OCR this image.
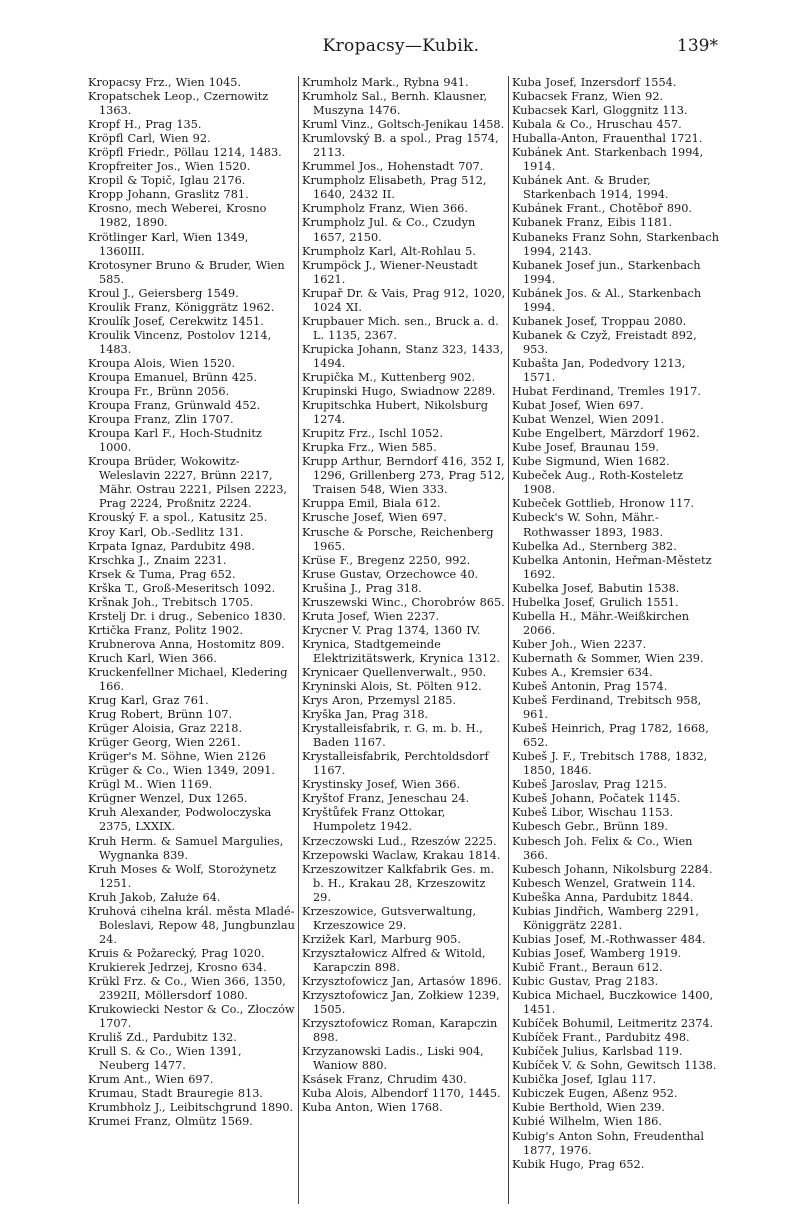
Kropacsy—Kubik.	139*
Kropacsy Frz., Wien 1045.
Kropatschek Leop., Czernowitz 1363.
Kropf H., Prag 135.
Kröpfl Carl, Wien 92.
Kröpfl Friedr., Pöllau 1214, 1483.
Kropfreiter Jos., Wien 1520.
Kropil & Topič, Iglau 2176.
Kropp Johann, Graslitz 781.
Krosno, mech Weberei, Krosno 1982, 1890.
Krötlinger Karl, Wien 1349, 1360III.
Krotosyner Bruno & Bruder, Wien 585.
Kroul J., Geiersberg 1549.
Kroulik Franz, Königgrätz 1962.
Kroulík Josef, Cerekwitz 1451.
Kroulik Vincenz, Postolov 1214, 1483.
Kroupa Alois, Wien 1520.
Kroupa Emanuel, Brünn 425.
Kroupa Fr., Brünn 2056.
Kroupa Franz, Grünwald 452.
Kroupa Franz, Zlin 1707.
Kroupa Karl F., Hoch-Studnitz 1000.
Kroupa Brüder, Wokowitz-Weleslavin 2227, Brünn 2217, Mähr. Ostrau 2221, Pilsen 2223, Prag 2224, Proßnitz 2224.
Krouský F. a spol., Katusitz 25.
Kroy Karl, Ob.-Sedlitz 131.
Krpata Ignaz, Pardubitz 498.
Krschka J., Znaim 2231.
Krsek & Tuma, Prag 652.
Krška T., Groß-Meseritsch 1092.
Kršnak Joh., Trebitsch 1705.
Krstelj Dr. i drug., Sebenico 1830.
Krtička Franz, Politz 1902.
Krubnerova Anna, Hostomitz 809.
Kruch Karl, Wien 366.
Kruckenfellner Michael, Kledering 166.
Krug Karl, Graz 761.
Krug Robert, Brünn 107.
Krüger Aloisia, Graz 2218.
Krüger Georg, Wien 2261.
Krüger's M. Söhne, Wien 2126
Krüger & Co., Wien 1349, 2091.
Krügl M.. Wien 1169.
Krügner Wenzel, Dux 1265.
Kruh Alexander, Podwoloczyska 2375, LXXIX.
Kruh Herm. & Samuel Margulies, Wygnanka 839.
Kruh Moses & Wolf, Storożynetz 1251.
Kruh Jakob, Załuże 64.
Kruhová cihelna král. města Mladé-Boleslavi, Repow 48, Jungbunzlau 24.
Kruis & Požarecký, Prag 1020.
Krukierek Jedrzej, Krosno 634.
Krükl Frz. & Co., Wien 366, 1350, 2392II, Möllersdorf 1080.
Krukowiecki Nestor & Co., Złoczów 1707.
Kruliš Zd., Pardubitz 132.
Krull S. & Co., Wien 1391, Neuberg 1477.
Krum Ant., Wien 697.
Krumau, Stadt Brauregie 813.
Krumbholz J., Leibitschgrund 1890.
Krumei Franz, Olmütz 1569.
Krumholz Mark., Rybna 941.
Krumholz Sal., Bernh. Klausner, Muszyna 1476.
Kruml Vinz., Goltsch-Jenikau 1458.
Krumlovský B. a spol., Prag 1574, 2113.
Krummel Jos., Hohenstadt 707.
Krumpholz Elisabeth, Prag 512, 1640, 2432 II.
Krumpholz Franz, Wien 366.
Krumpholz Jul. & Co., Czudyn 1657, 2150.
Krumpholz Karl, Alt-Rohlau 5.
Krumpöck J., Wiener-Neustadt 1621.
Krupař Dr. & Vais, Prag 912, 1020, 1024 XI.
Krupbauer Mich. sen., Bruck a. d. L. 1135, 2367.
Krupicka Johann, Stanz 323, 1433, 1494.
Krupička M., Kuttenberg 902.
Krupinski Hugo, Swiadnow 2289.
Krupitschka Hubert, Nikolsburg 1274.
Krupitz Frz., Ischl 1052.
Krupka Frz., Wien 585.
Krupp Arthur, Berndorf 416, 352 I, 1296, Grillenberg 273, Prag 512, Traisen 548, Wien 333.
Kruppa Emil, Biala 612.
Krusche Josef, Wien 697.
Krusche & Porsche, Reichenberg 1965.
Krüse F., Bregenz 2250, 992.
Kruse Gustav, Orzechowce 40.
Krušina J., Prag 318.
Kruszewski Winc., Chorobrów 865.
Kruta Josef, Wien 2237.
Krycner V. Prag 1374, 1360 IV.
Krynica, Stadtgemeinde Elektrizitätswerk, Krynica 1312.
Krynicaer Quellenverwalt., 950.
Kryninski Alois, St. Pölten 912.
Krys Aron, Przemysl 2185.
Kryška Jan, Prag 318.
Krystalleisfabrik, r. G. m. b. H., Baden 1167.
Krystalleisfabrik, Perchtoldsdorf 1167.
Krystinsky Josef, Wien 366.
Kryštof Franz, Jeneschau 24.
Kryštůfek Franz Ottokar, Humpoletz 1942.
Krzeczowski Lud., Rzeszów 2225.
Krzepowski Waclaw, Krakau 1814.
Krzeszowitzer Kalkfabrik Ges. m. b. H., Krakau 28, Krzeszowitz 29.
Krzeszowice, Gutsverwaltung, Krzeszowice 29.
Krzižek Karl, Marburg 905.
Krzyształowicz Alfred & Witold, Karapczin 898.
Krzysztofowicz Jan, Artasów 1896.
Krzysztofowicz Jan, Zołkiew 1239, 1505.
Krzysztofowicz Roman, Karapczin 898.
Krzyzanowski Ladis., Liski 904, Waniow 880.
Ksásek Franz, Chrudim 430.
Kuba Alois, Albendorf 1170, 1445.
Kuba Anton, Wien 1768.
Kuba Josef, Inzersdorf 1554.
Kubacsek Franz, Wien 92.
Kubacsek Karl, Gloggnitz 113.
Kubala & Co., Hruschau 457.
Huballa-Anton, Frauenthal 1721.
Kubánek Ant. Starkenbach 1994, 1914.
Kubánek Ant. & Bruder, Starkenbach 1914, 1994.
Kubánek Frant., Chotěboř 890.
Kubanek Franz, Eibis 1181.
Kubaneks Franz Sohn, Starkenbach 1994, 2143.
Kubanek Josef jun., Starkenbach 1994.
Kubánek Jos. & Al., Starkenbach 1994.
Kubanek Josef, Troppau 2080.
Kubanek & Czyž, Freistadt 892, 953.
Kubašta Jan, Podedvory 1213, 1571.
Hubat Ferdinand, Tremles 1917.
Kubat Josef, Wien 697.
Kubat Wenzel, Wien 2091.
Kube Engelbert, Märzdorf 1962.
Kube Josef, Braunau 159.
Kube Sigmund, Wien 1682.
Kubeček Aug., Roth-Kosteletz 1908.
Kubeček Gottlieb, Hronow 117.
Kubeck's W. Sohn, Mähr.-Rothwasser 1893, 1983.
Kubelka Ad., Sternberg 382.
Kubelka Antonin, Heřman-Městetz 1692.
Kubelka Josef, Babutin 1538.
Hubelka Josef, Grulich 1551.
Kubella H., Mähr.-Weißkirchen 2066.
Kuber Joh., Wien 2237.
Kubernath & Sommer, Wien 239.
Kubes A., Kremsier 634.
Kubeš Antonin, Prag 1574.
Kubeš Ferdinand, Trebitsch 958, 961.
Kubeš Heinrich, Prag 1782, 1668, 652.
Kubeš J. F., Trebitsch 1788, 1832, 1850, 1846.
Kubeš Jaroslav, Prag 1215.
Kubeš Johann, Počatek 1145.
Kubeš Libor, Wischau 1153.
Kubesch Gebr., Brünn 189.
Kubesch Joh. Felix & Co., Wien 366.
Kubesch Johann, Nikolsburg 2284.
Kubesch Wenzel, Gratwein 114.
Kubeška Anna, Pardubitz 1844.
Kubias Jindřich, Wamberg 2291, Königgrätz 2281.
Kubias Josef, M.-Rothwasser 484.
Kubias Josef, Wamberg 1919.
Kubič Frant., Beraun 612.
Kubic Gustav, Prag 2183.
Kubica Michael, Buczkowice 1400, 1451.
Kubíček Bohumil, Leitmeritz 2374.
Kubíček Frant., Pardubitz 498.
Kubíček Julius, Karlsbad 119.
Kubíček V. & Sohn, Gewitsch 1138.
Kubička Josef, Iglau 117.
Kubiczek Eugen, Aßenz 952.
Kubie Berthold, Wien 239.
Kubié Wilhelm, Wien 186.
Kubig's Anton Sohn, Freudenthal 1877, 1976.
Kubik Hugo, Prag 652.
